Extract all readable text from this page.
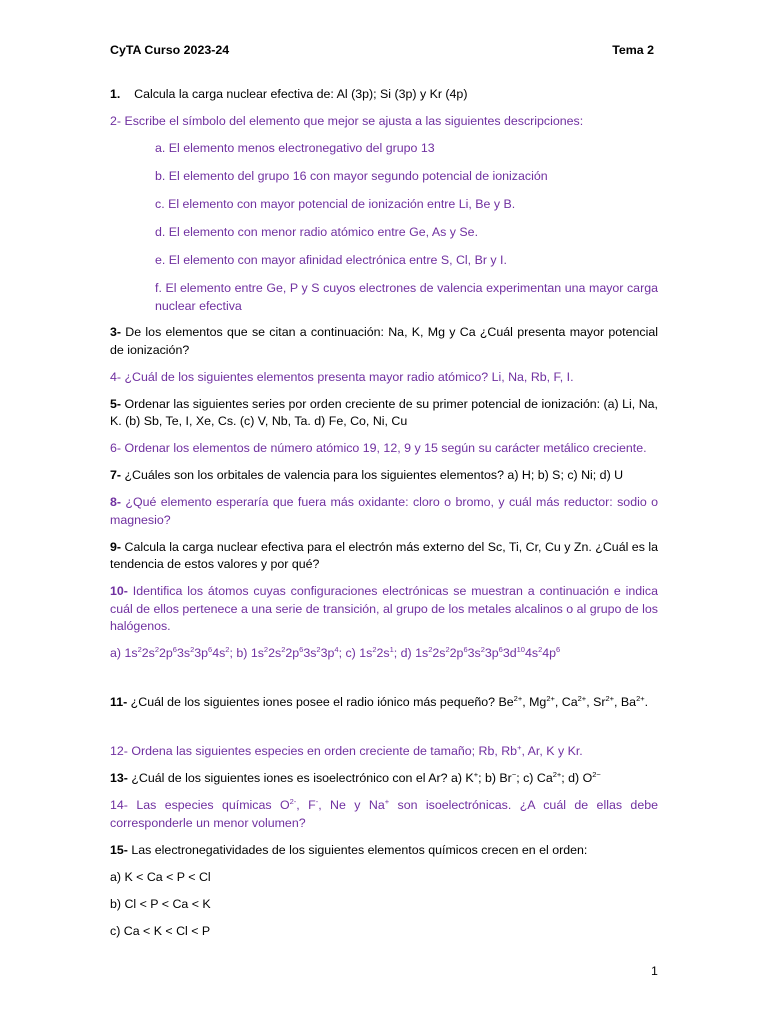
CyTA Curso 2023-24	Tema 2

1. Calcula la carga nuclear efectiva de: Al (3p); Si (3p) y Kr (4p)

2- Escribe el símbolo del elemento que mejor se ajusta a las siguientes descripciones:

a. El elemento menos electronegativo del grupo 13

b. El elemento del grupo 16 con mayor segundo potencial de ionización

c. El elemento con mayor potencial de ionización entre Li, Be y B.

d. El elemento con menor radio atómico entre Ge, As y Se.

e. El elemento con mayor afinidad electrónica entre S, Cl, Br y I.

f. El elemento entre Ge, P y S cuyos electrones de valencia experimentan una mayor carga nuclear efectiva

3- De los elementos que se citan a continuación: Na, K, Mg y Ca ¿Cuál presenta mayor potencial de ionización?

4- ¿Cuál de los siguientes elementos presenta mayor radio atómico? Li, Na, Rb, F, I.

5- Ordenar las siguientes series por orden creciente de su primer potencial de ionización: (a) Li, Na, K. (b) Sb, Te, I, Xe, Cs. (c) V, Nb, Ta. d) Fe, Co, Ni, Cu

6- Ordenar los elementos de número atómico 19, 12, 9 y 15 según su carácter metálico creciente.

7- ¿Cuáles son los orbitales de valencia para los siguientes elementos? a) H; b) S; c) Ni; d) U

8- ¿Qué elemento esperaría que fuera más oxidante: cloro o bromo, y cuál más reductor: sodio o magnesio?

9- Calcula la carga nuclear efectiva para el electrón más externo del Sc, Ti, Cr, Cu y Zn. ¿Cuál es la tendencia de estos valores y por qué?

10- Identifica los átomos cuyas configuraciones electrónicas se muestran a continuación e indica cuál de ellos pertenece a una serie de transición, al grupo de los metales alcalinos o al grupo de los halógenos.

a) $1s^22s^22p^63s^23p^64s^2$; b) $1s^22s^22p^63s^23p^4$; c) $1s^22s^1$; d) $1s^22s^22p^63s^23p^63d^{10}4s^24p^6$

11- ¿Cuál de los siguientes iones posee el radio iónico más pequeño? $Be^{2+}$, $Mg^{2+}$, $Ca^{2+}$, $Sr^{2+}$, $Ba^{2+}$.

12- Ordena las siguientes especies en orden creciente de tamaño; Rb, Rb+, Ar, K y Kr.

13- ¿Cuál de los siguientes iones es isoelectrónico con el Ar? a) K+; b) Br−; c) $Ca^{2+}$; d) $O^{2-}$

14- Las especies químicas $O^{2-}$, F-, Ne y Na+ son isoelectrónicas. ¿A cuál de ellas debe corresponderle un menor volumen?

15- Las electronegatividades de los siguientes elementos químicos crecen en el orden:

a) K < Ca < P < Cl

b) Cl < P < Ca < K

c) Ca < K < Cl < P

1
